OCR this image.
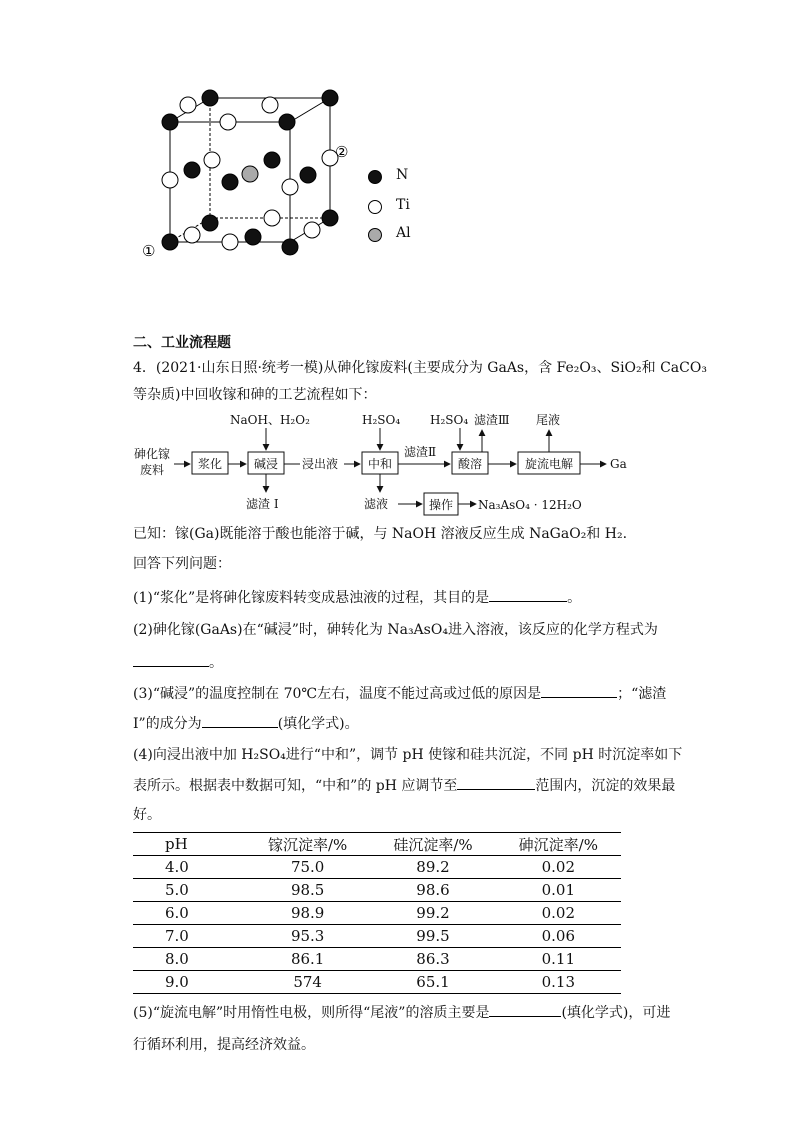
①
②
N
Ti
Al
二、工业流程题
4．(2021·山东日照·统考一模)从砷化镓废料(主要成分为 GaAs，含 Fe₂O₃、SiO₂和 CaCO₃
等杂质)中回收镓和砷的工艺流程如下：
砷化镓
废料	浆化	碱浸	中和	酸溶	旋流电解
操作
NaOH、H₂O₂	H₂SO₄ H₂SO₄ 滤渣Ⅲ 尾液
浸出液
滤渣Ⅱ
滤渣 I	滤液
Ga
Na₃AsO₄ · 12H₂O
已知：镓(Ga)既能溶于酸也能溶于碱，与 NaOH 溶液反应生成 NaGaO₂和 H₂.
回答下列问题：
(1)“浆化”是将砷化镓废料转变成悬浊液的过程，其目的是	。
(2)砷化镓(GaAs)在“碱浸”时，砷转化为 Na₃AsO₄进入溶液，该反应的化学方程式为
。
(3)“碱浸”的温度控制在 70℃左右，温度不能过高或过低的原因是	；“滤渣
I”的成分为	(填化学式)。
(4)向浸出液中加 H₂SO₄进行“中和”，调节 pH 使镓和硅共沉淀，不同 pH 时沉淀率如下
表所示。根据表中数据可知，“中和”的 pH 应调节至	范围内，沉淀的效果最
好。
pH	镓沉淀率/%	硅沉淀率/%	砷沉淀率/%
4.0	75.0	89.2	0.02
5.0	98.5	98.6	0.01
6.0	98.9	99.2	0.02
7.0	95.3	99.5	0.06
8.0	86.1	86.3	0.11
9.0	574	65.1	0.13
(5)“旋流电解”时用惰性电极，则所得“尾液”的溶质主要是	(填化学式)，可进
行循环利用，提高经济效益。
